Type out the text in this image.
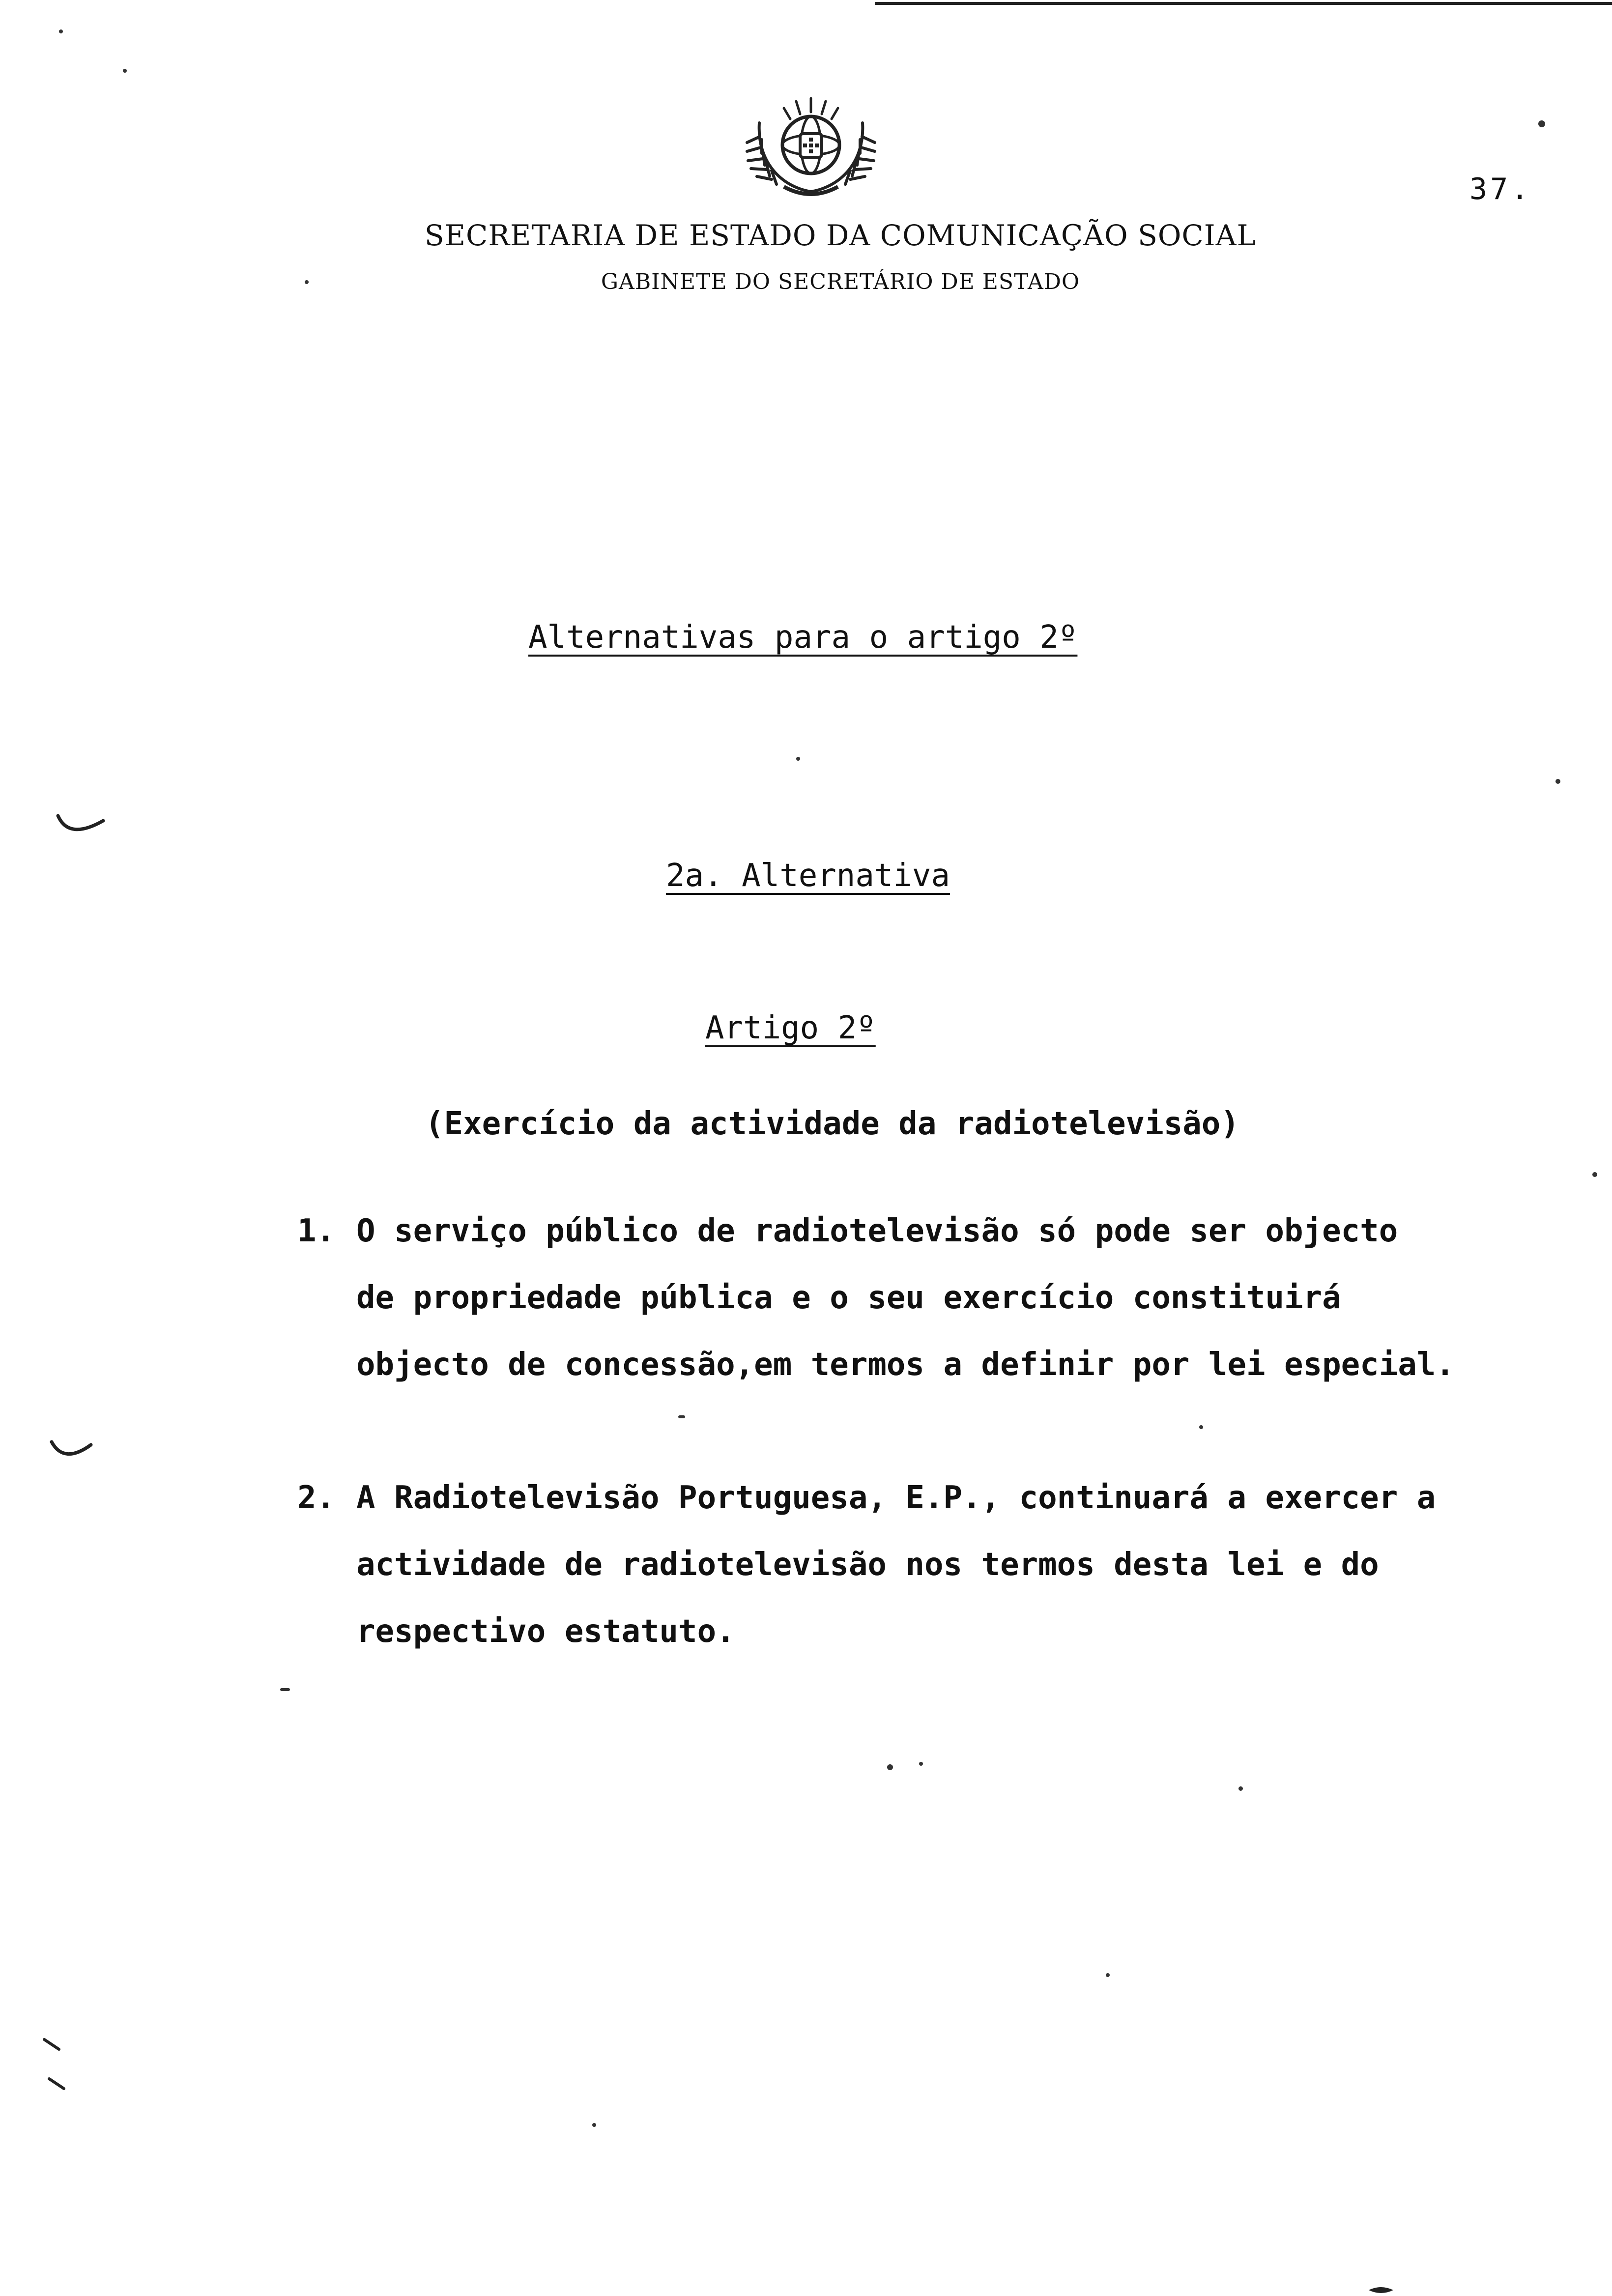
37.
SECRETARIA DE ESTADO DA COMUNICAÇÃO SOCIAL
GABINETE DO SECRETÁRIO DE ESTADO
Alternativas para o artigo 2º
2a. Alternativa
Artigo 2º
(Exercício da actividade da radiotelevisão)
1. O serviço público de radiotelevisão só pode ser objecto
de propriedade pública e o seu exercício constituirá
objecto de concessão,em termos a definir por lei especial.
2. A Radiotelevisão Portuguesa, E.P., continuará a exercer a
actividade de radiotelevisão nos termos desta lei e do
respectivo estatuto.
